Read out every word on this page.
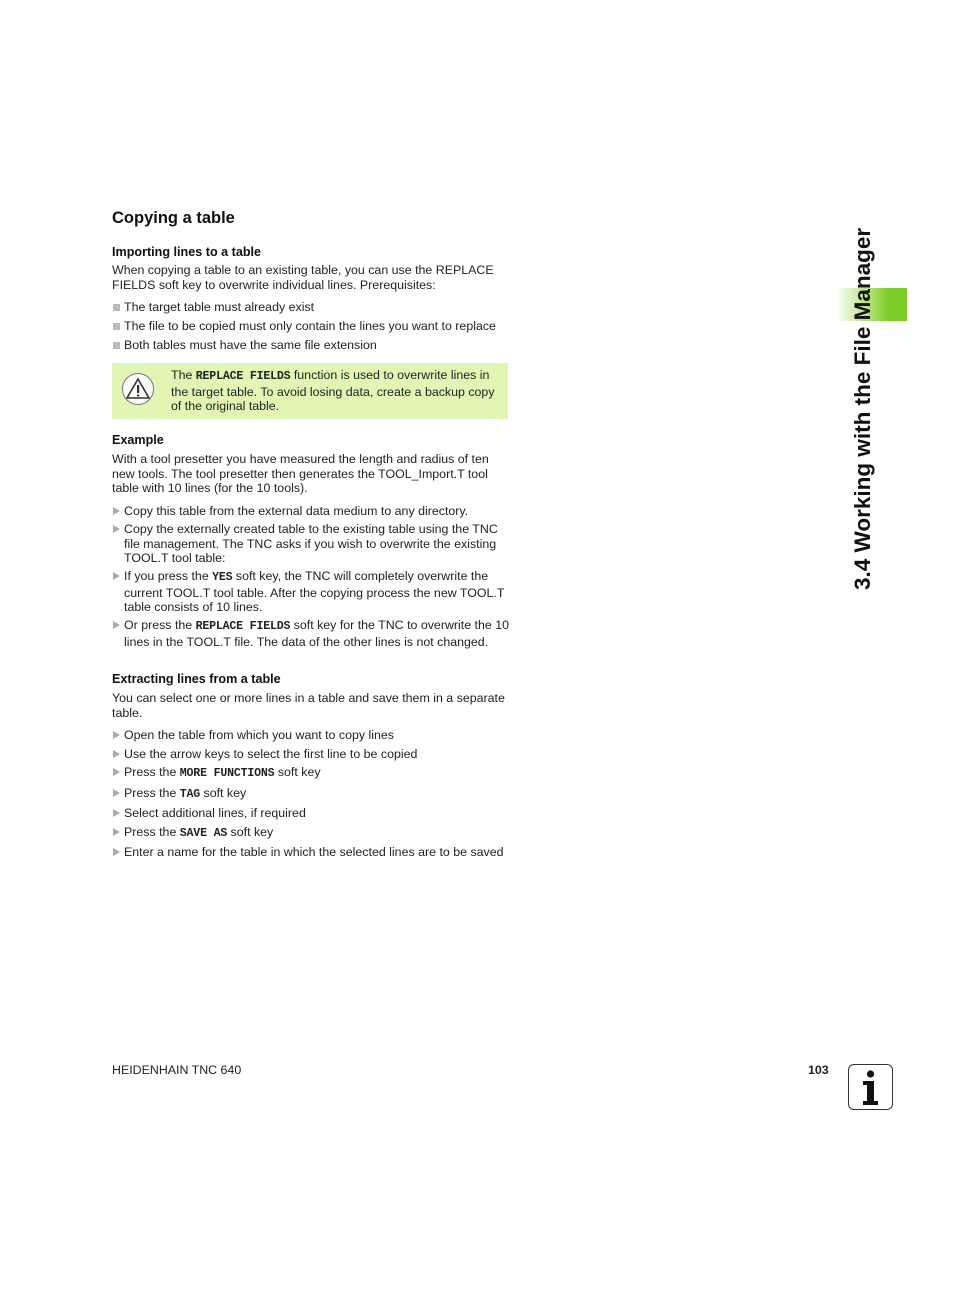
Copying a table
Importing lines to a table

When copying a table to an existing table, you can use the REPLACE FIELDS soft key to overwrite individual lines. Prerequisites:

The target table must already exist
The file to be copied must only contain the lines you want to replace
Both tables must have the same file extension
The REPLACE FIELDS function is used to overwrite lines in the target table. To avoid losing data, create a backup copy of the original table.
Example

With a tool presetter you have measured the length and radius of ten new tools. The tool presetter then generates the TOOL_Import.T tool table with 10 lines (for the 10 tools).

Copy this table from the external data medium to any directory.
Copy the externally created table to the existing table using the TNC file management. The TNC asks if you wish to overwrite the existing TOOL.T tool table:
If you press the YES soft key, the TNC will completely overwrite the current TOOL.T tool table. After the copying process the new TOOL.T table consists of 10 lines.
Or press the REPLACE FIELDS soft key for the TNC to overwrite the 10 lines in the TOOL.T file. The data of the other lines is not changed.
Extracting lines from a table

You can select one or more lines in a table and save them in a separate table.

Open the table from which you want to copy lines
Use the arrow keys to select the first line to be copied
Press the MORE FUNCTIONS soft key
Press the TAG soft key
Select additional lines, if required
Press the SAVE AS soft key
Enter a name for the table in which the selected lines are to be saved
3.4 Working with the File Manager
HEIDENHAIN TNC 640	103
